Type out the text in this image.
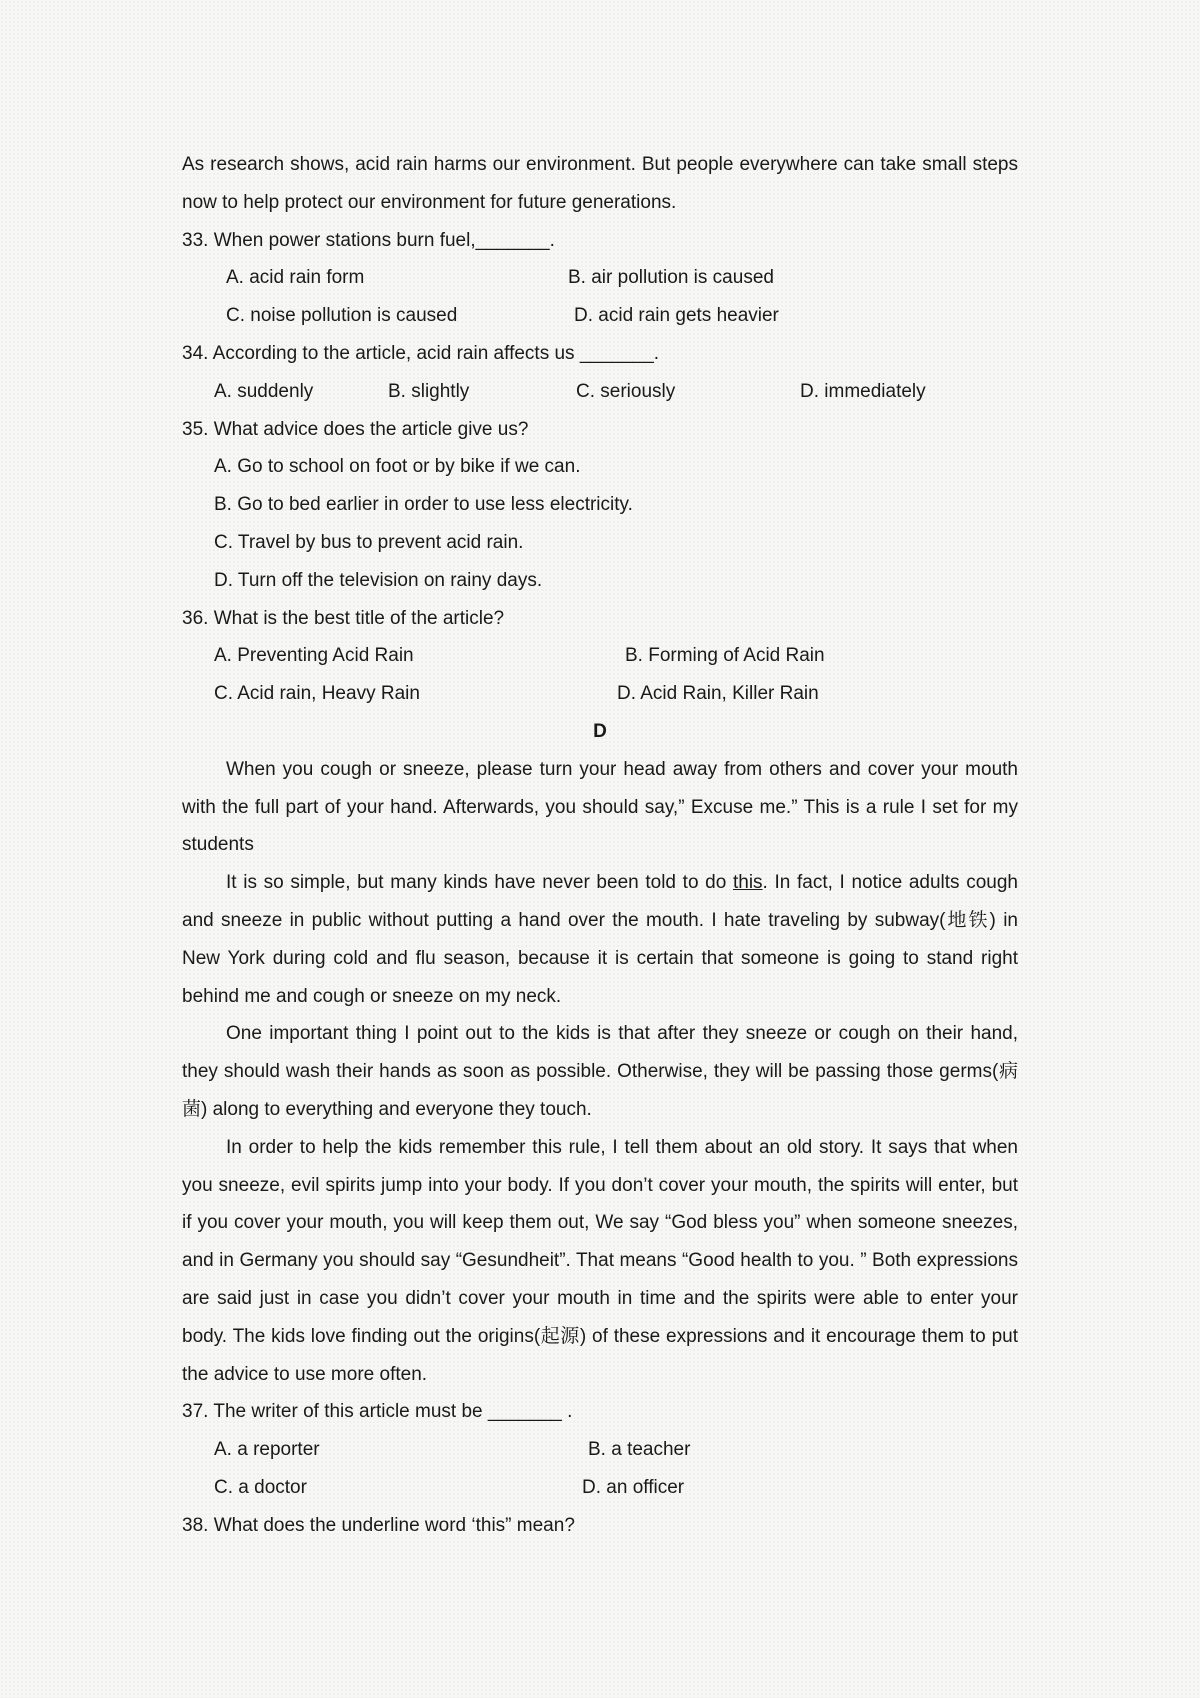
As research shows, acid rain harms our environment. But people everywhere can take small steps

now to help protect our environment for future generations.

33. When power stations burn fuel,_______.

A. acid rain form	B. air pollution is caused
C. noise pollution is caused	D. acid rain gets heavier

34. According to the article, acid rain affects us _______.

A. suddenly	B. slightly	C. seriously	D. immediately

35. What advice does the article give us?

A. Go to school on foot or by bike if we can.

B. Go to bed earlier in order to use less electricity.

C. Travel by bus to prevent acid rain.

D. Turn off the television on rainy days.

36. What is the best title of the article?

A. Preventing Acid Rain	B. Forming of Acid Rain
C. Acid rain, Heavy Rain	D. Acid Rain, Killer Rain

D

When you cough or sneeze, please turn your head away from others and cover your mouth with the full part of your hand. Afterwards, you should say,” Excuse me.” This is a rule I set for my students

It is so simple, but many kinds have never been told to do this. In fact, I notice adults cough and sneeze in public without putting a hand over the mouth. I hate traveling by subway(地铁) in New York during cold and flu season, because it is certain that someone is going to stand right behind me and cough or sneeze on my neck.

One important thing I point out to the kids is that after they sneeze or cough on their hand, they should wash their hands as soon as possible. Otherwise, they will be passing those germs(病菌) along to everything and everyone they touch.

In order to help the kids remember this rule, I tell them about an old story. It says that when you sneeze, evil spirits jump into your body. If you don’t cover your mouth, the spirits will enter, but if you cover your mouth, you will keep them out, We say “God bless you” when someone sneezes, and in Germany you should say “Gesundheit”. That means “Good health to you. ” Both expressions are said just in case you didn’t cover your mouth in time and the spirits were able to enter your body. The kids love finding out the origins(起源) of these expressions and it encourage them to put the advice to use more often.

37. The writer of this article must be _______ .

A. a reporter	B. a teacher
C. a doctor	D. an officer

38. What does the underline word ‘this” mean?
